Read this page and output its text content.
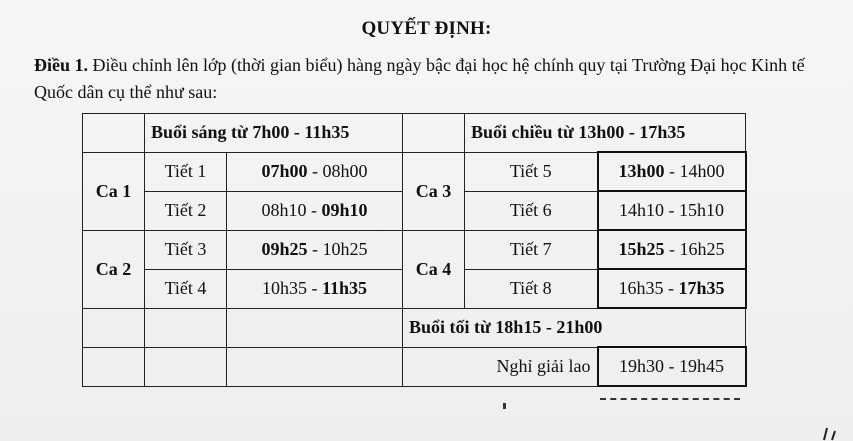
QUYẾT ĐỊNH:
Điều 1. Điều chỉnh lên lớp (thời gian biểu) hàng ngày bậc đại học hệ chính quy tại Trường Đại học Kinh tế Quốc dân cụ thể như sau:
	Buổi sáng từ 7h00 - 11h35			Buổi chiều từ 13h00 - 17h35	
Ca 1	Tiết 1	07h00 - 08h00	Ca 3	Tiết 5	13h00 - 14h00
	Tiết 2	08h10 - 09h10		Tiết 6	14h10 - 15h10
Ca 2	Tiết 3	09h25 - 10h25	Ca 4	Tiết 7	15h25 - 16h25
	Tiết 4	10h35 - 11h35		Tiết 8	16h35 - 17h35
			Buổi tối từ 18h15 - 21h00		
			Nghỉ giải lao		19h30 - 19h45
